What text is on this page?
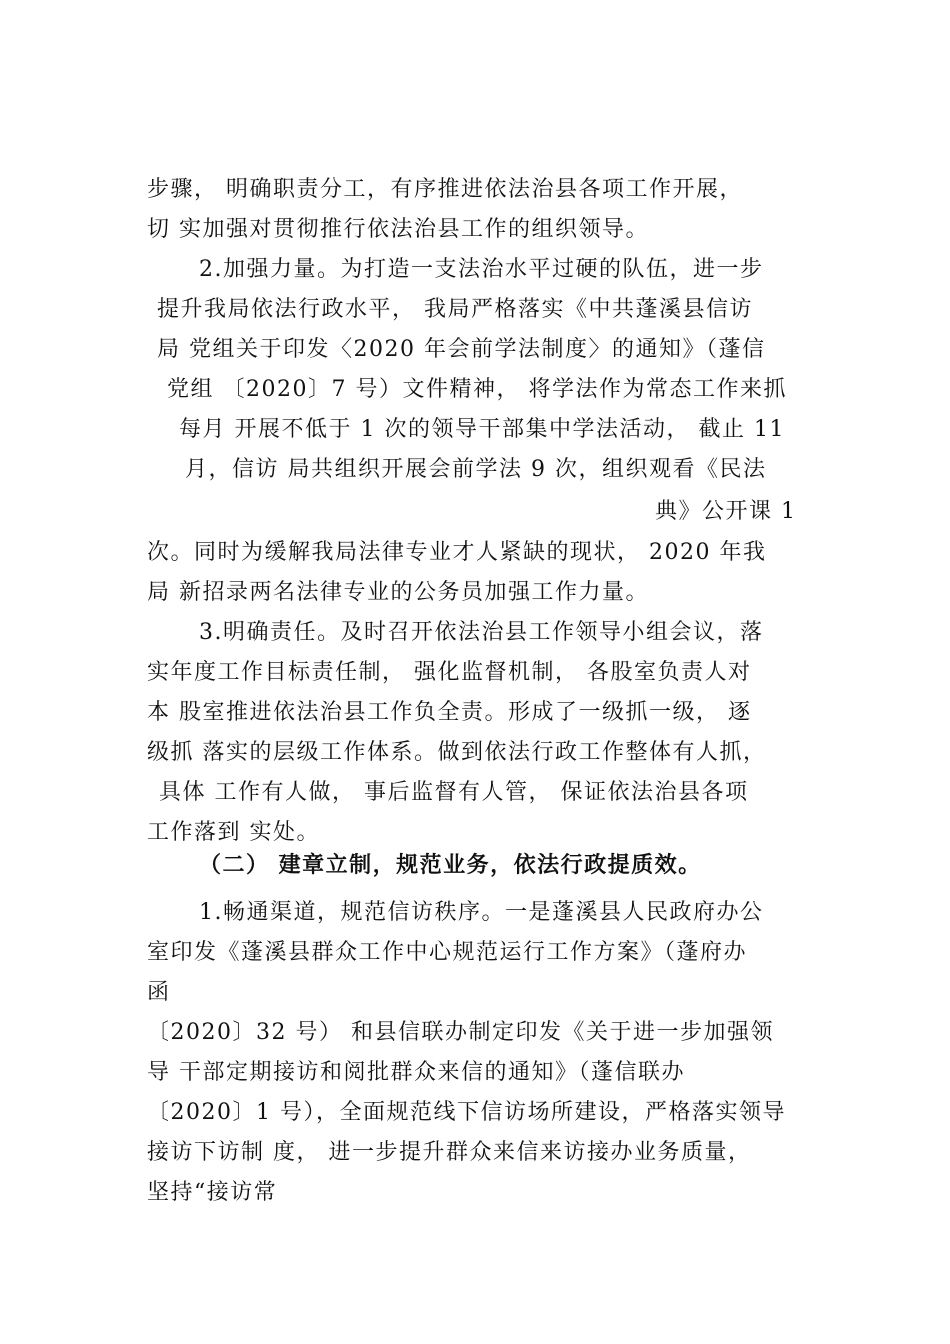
步骤， 明确职责分工，有序推进依法治县各项工作开展，
切 实加强对贯彻推行依法治县工作的组织领导。
2.加强力量。为打造一支法治水平过硬的队伍，进一步
提升我局依法行政水平， 我局严格落实《中共蓬溪县信访
局 党组关于印发〈2020 年会前学法制度〉的通知》（蓬信
党组 〔2020〕7 号）文件精神， 将学法作为常态工作来抓
每月 开展不低于 1 次的领导干部集中学法活动， 截止 11
月，信访 局共组织开展会前学法 9 次，组织观看《民法
典》公开课 1
次。同时为缓解我局法律专业才人紧缺的现状， 2020 年我
局 新招录两名法律专业的公务员加强工作力量。
3.明确责任。及时召开依法治县工作领导小组会议，落
实年度工作目标责任制， 强化监督机制， 各股室负责人对
本 股室推进依法治县工作负全责。形成了一级抓一级， 逐
级抓 落实的层级工作体系。做到依法行政工作整体有人抓，
具体 工作有人做， 事后监督有人管， 保证依法治县各项
工作落到 实处。
（二） 建章立制，规范业务，依法行政提质效。
1.畅通渠道，规范信访秩序。一是蓬溪县人民政府办公
室印发《蓬溪县群众工作中心规范运行工作方案》（蓬府办
函
〔2020〕32 号） 和县信联办制定印发《关于进一步加强领
导 干部定期接访和阅批群众来信的通知》（蓬信联办
〔2020〕1 号），全面规范线下信访场所建设，严格落实领导
接访下访制 度， 进一步提升群众来信来访接办业务质量，
坚持“接访常
